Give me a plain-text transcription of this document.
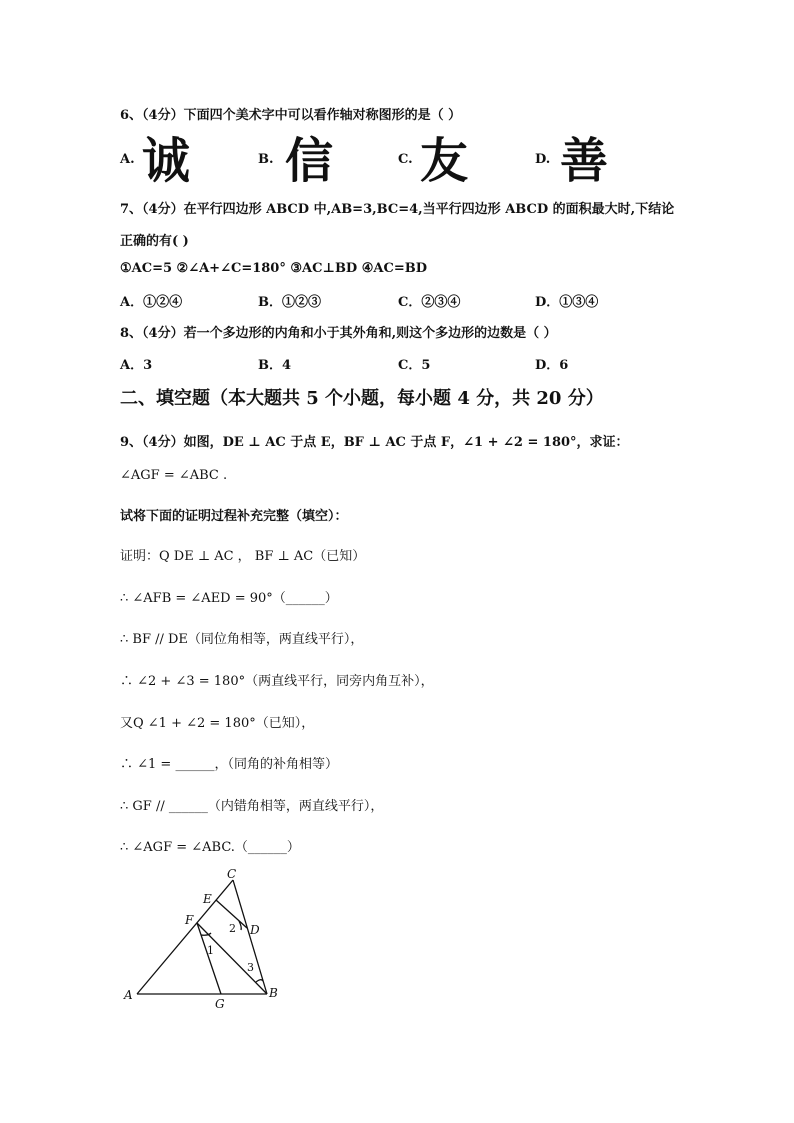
6、（4分）下面四个美术字中可以看作轴对称图形的是（ ）
A. 诚	B. 信	C. 友	D. 善
7、（4分）在平行四边形 ABCD 中,AB=3,BC=4,当平行四边形 ABCD 的面积最大时,下结论
正确的有( )
①AC=5 ②∠A+∠C=180° ③AC⊥BD ④AC=BD
A．①②④	B．①②③	C．②③④	D．①③④
8、（4分）若一个多边形的内角和小于其外角和,则这个多边形的边数是（ ）
A．3	B．4	C．5	D．6
二、填空题（本大题共 5 个小题，每小题 4 分，共 20 分）
9、（4分）如图，DE ⊥ AC 于点 E，BF ⊥ AC 于点 F，∠1 + ∠2 = 180°，求证：
∠AGF = ∠ABC .
试将下面的证明过程补充完整（填空）：
证明：Q DE ⊥ AC ， BF ⊥ AC（已知）
∴ ∠AFB = ∠AED = 90°（______）
∴ BF // DE（同位角相等，两直线平行），
∴ ∠2 + ∠3 = 180°（两直线平行，同旁内角互补），
又Q ∠1 + ∠2 = 180°（已知），
∴ ∠1 = ______，（同角的补角相等）
∴ GF // ______（内错角相等，两直线平行），
∴ ∠AGF = ∠ABC.（______）
A	B
C
D
E
F
G
1
2
3
